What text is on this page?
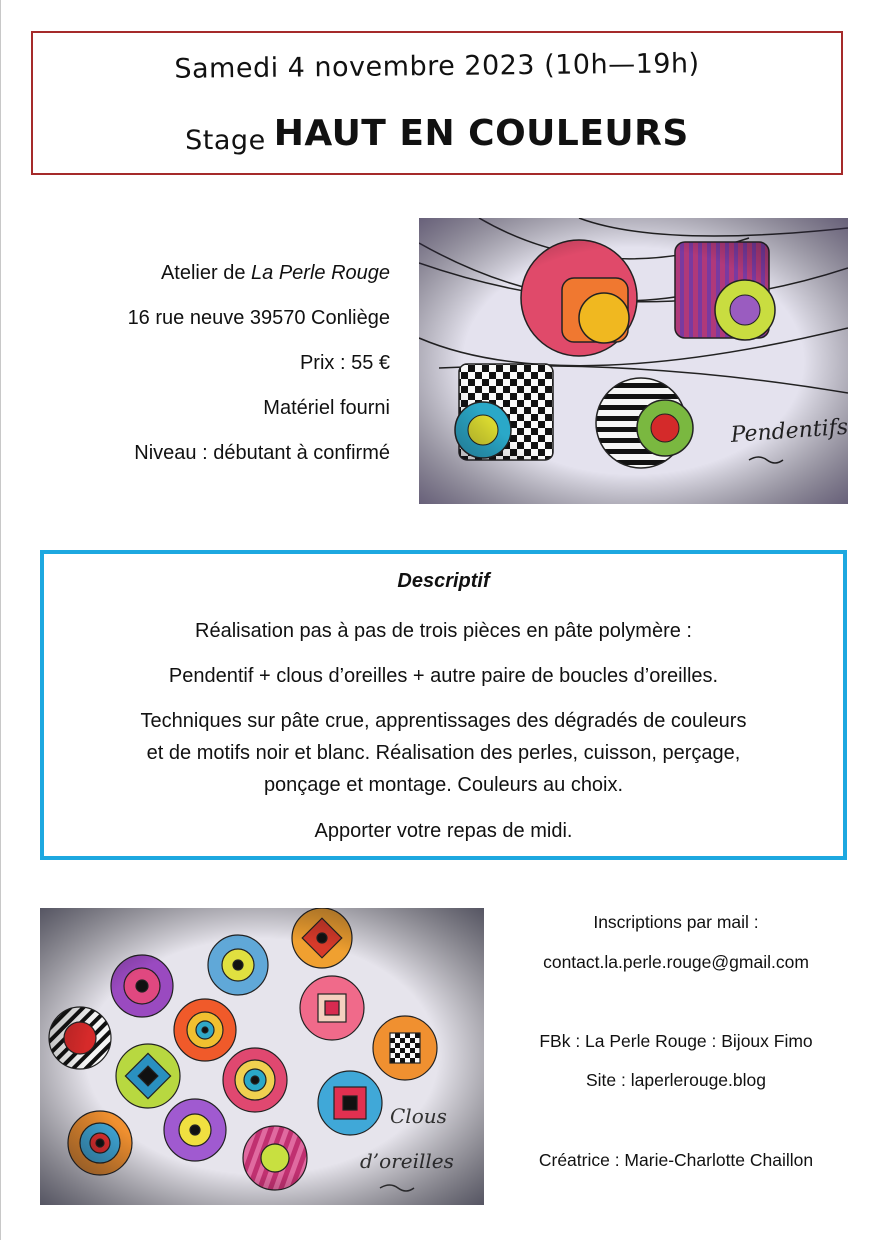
Samedi 4 novembre 2023 (10h—19h)
Stage HAUT EN COULEURS
Atelier de La Perle Rouge
16 rue neuve 39570 Conliège
Prix : 55 €
Matériel fourni
Niveau : débutant à confirmé
Descriptif
Réalisation pas à pas de trois pièces en pâte polymère :
Pendentif + clous d’oreilles + autre paire de boucles d’oreilles.
Techniques sur pâte crue, apprentissages des dégradés de couleurs
et de motifs noir et blanc. Réalisation des perles, cuisson, perçage,
ponçage et montage. Couleurs au choix.
Apporter votre repas de midi.
Inscriptions par mail :
contact.la.perle.rouge@gmail.com
FBk : La Perle Rouge : Bijoux Fimo
Site : laperlerouge.blog
Créatrice : Marie-Charlotte Chaillon
